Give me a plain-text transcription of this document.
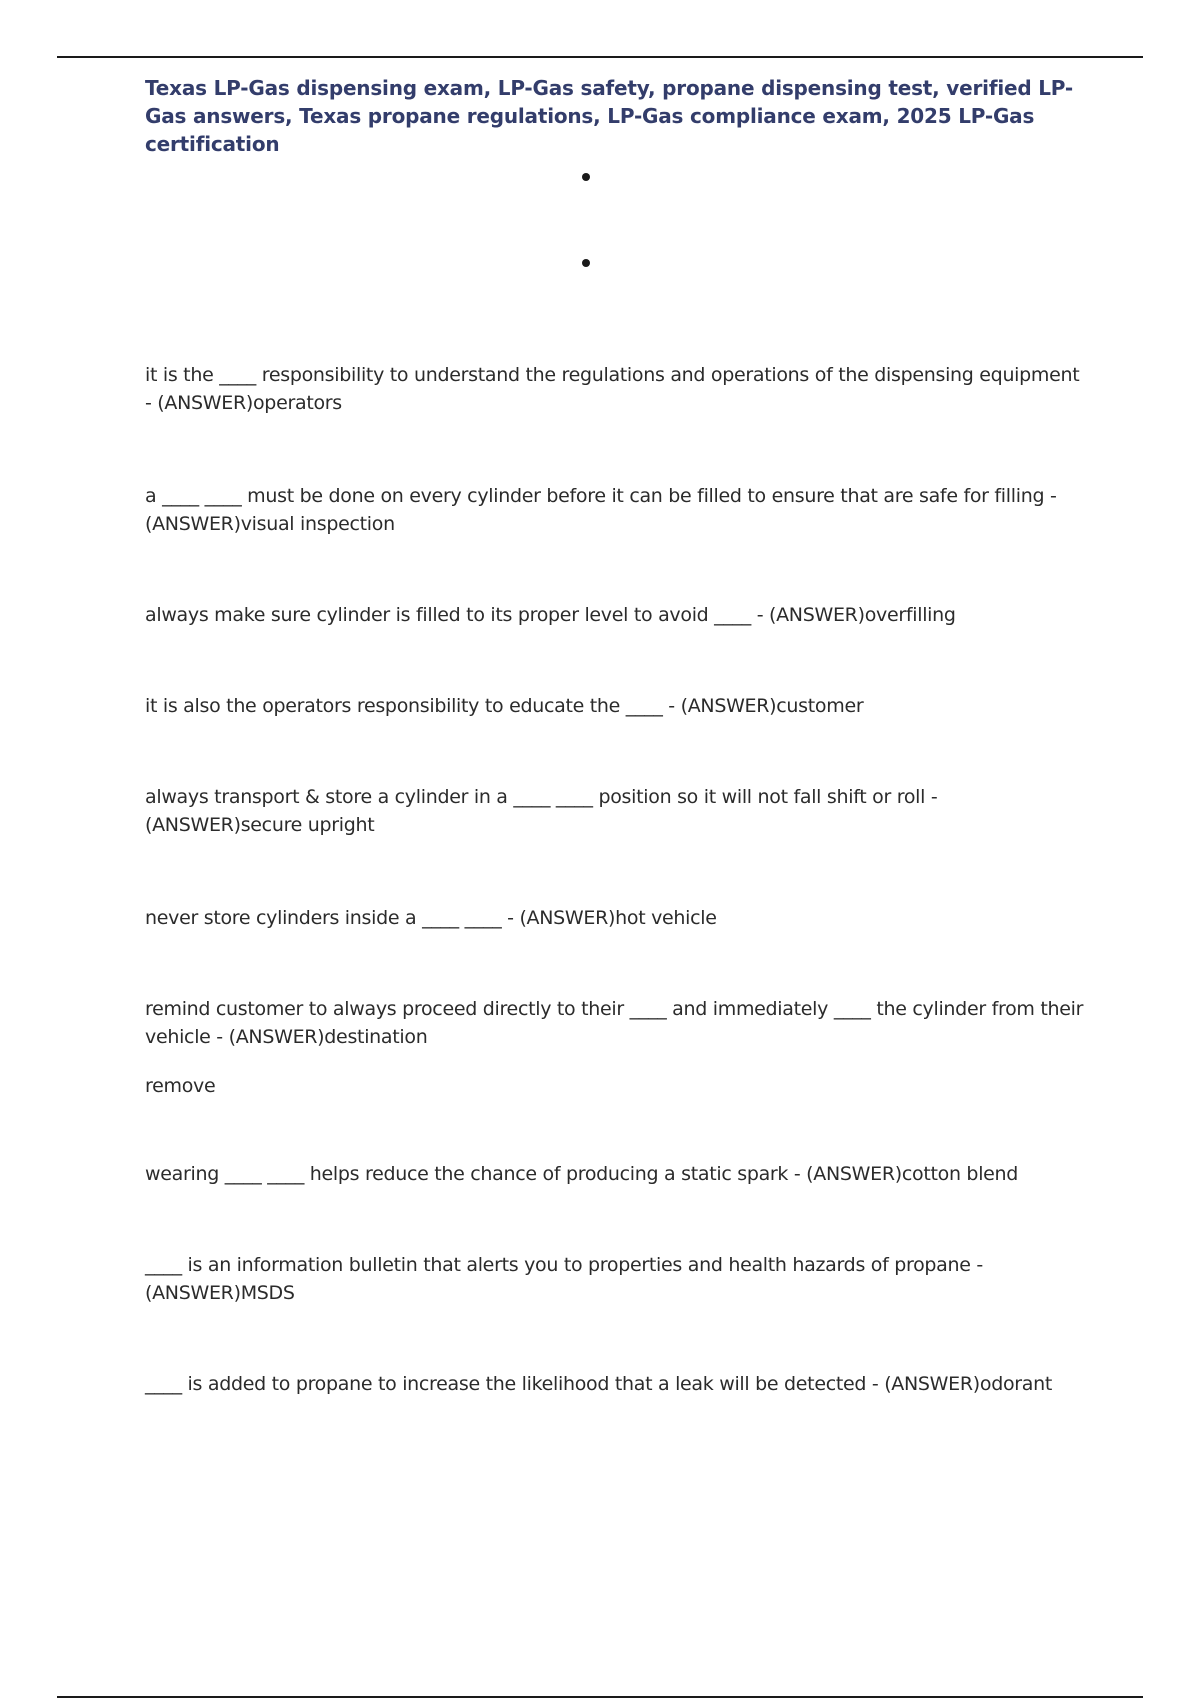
Texas LP-Gas dispensing exam, LP-Gas safety, propane dispensing test, verified LP-Gas answers, Texas propane regulations, LP-Gas compliance exam, 2025 LP-Gas certification

it is the ____ responsibility to understand the regulations and operations of the dispensing equipment - (ANSWER)operators

a ____ ____ must be done on every cylinder before it can be filled to ensure that are safe for filling - (ANSWER)visual inspection

always make sure cylinder is filled to its proper level to avoid ____ - (ANSWER)overfilling

it is also the operators responsibility to educate the ____ - (ANSWER)customer

always transport & store a cylinder in a ____ ____ position so it will not fall shift or roll - (ANSWER)secure upright

never store cylinders inside a ____ ____ - (ANSWER)hot vehicle

remind customer to always proceed directly to their ____ and immediately ____ the cylinder from their vehicle - (ANSWER)destination

remove

wearing ____ ____ helps reduce the chance of producing a static spark - (ANSWER)cotton blend

____ is an information bulletin that alerts you to properties and health hazards of propane - (ANSWER)MSDS

____ is added to propane to increase the likelihood that a leak will be detected - (ANSWER)odorant
